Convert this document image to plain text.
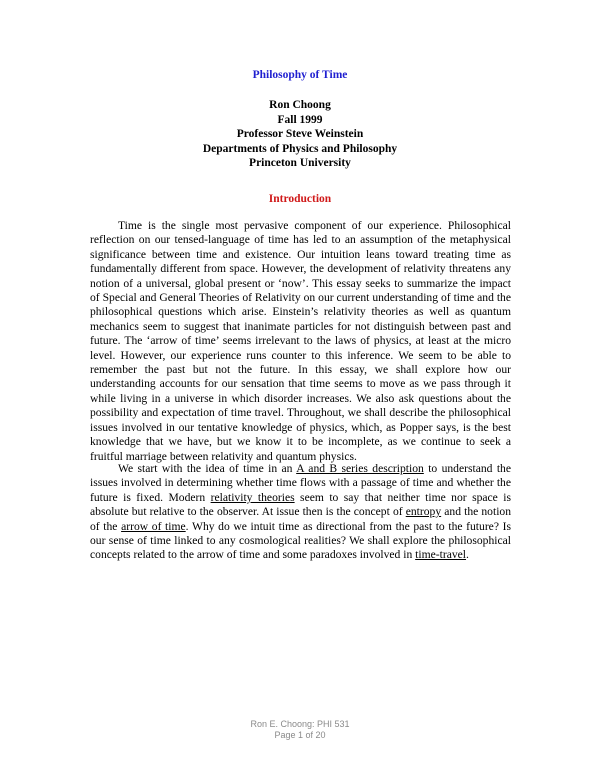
Philosophy of Time
Ron Choong
Fall 1999
Professor Steve Weinstein
Departments of Physics and Philosophy
Princeton University
Introduction

Time is the single most pervasive component of our experience. Philosophical reflection on our tensed-language of time has led to an assumption of the metaphysical significance between time and existence. Our intuition leans toward treating time as fundamentally different from space. However, the development of relativity threatens any notion of a universal, global present or ‘now’. This essay seeks to summarize the impact of Special and General Theories of Relativity on our current understanding of time and the philosophical questions which arise. Einstein’s relativity theories as well as quantum mechanics seem to suggest that inanimate particles for not distinguish between past and future. The ‘arrow of time’ seems irrelevant to the laws of physics, at least at the micro level. However, our experience runs counter to this inference. We seem to be able to remember the past but not the future. In this essay, we shall explore how our understanding accounts for our sensation that time seems to move as we pass through it while living in a universe in which disorder increases. We also ask questions about the possibility and expectation of time travel. Throughout, we shall describe the philosophical issues involved in our tentative knowledge of physics, which, as Popper says, is the best knowledge that we have, but we know it to be incomplete, as we continue to seek a fruitful marriage between relativity and quantum physics.

We start with the idea of time in an A and B series description to understand the issues involved in determining whether time flows with a passage of time and whether the future is fixed. Modern relativity theories seem to say that neither time nor space is absolute but relative to the observer. At issue then is the concept of entropy and the notion of the arrow of time. Why do we intuit time as directional from the past to the future? Is our sense of time linked to any cosmological realities? We shall explore the philosophical concepts related to the arrow of time and some paradoxes involved in time-travel.

Ron E. Choong: PHI 531
Page 1 of 20
